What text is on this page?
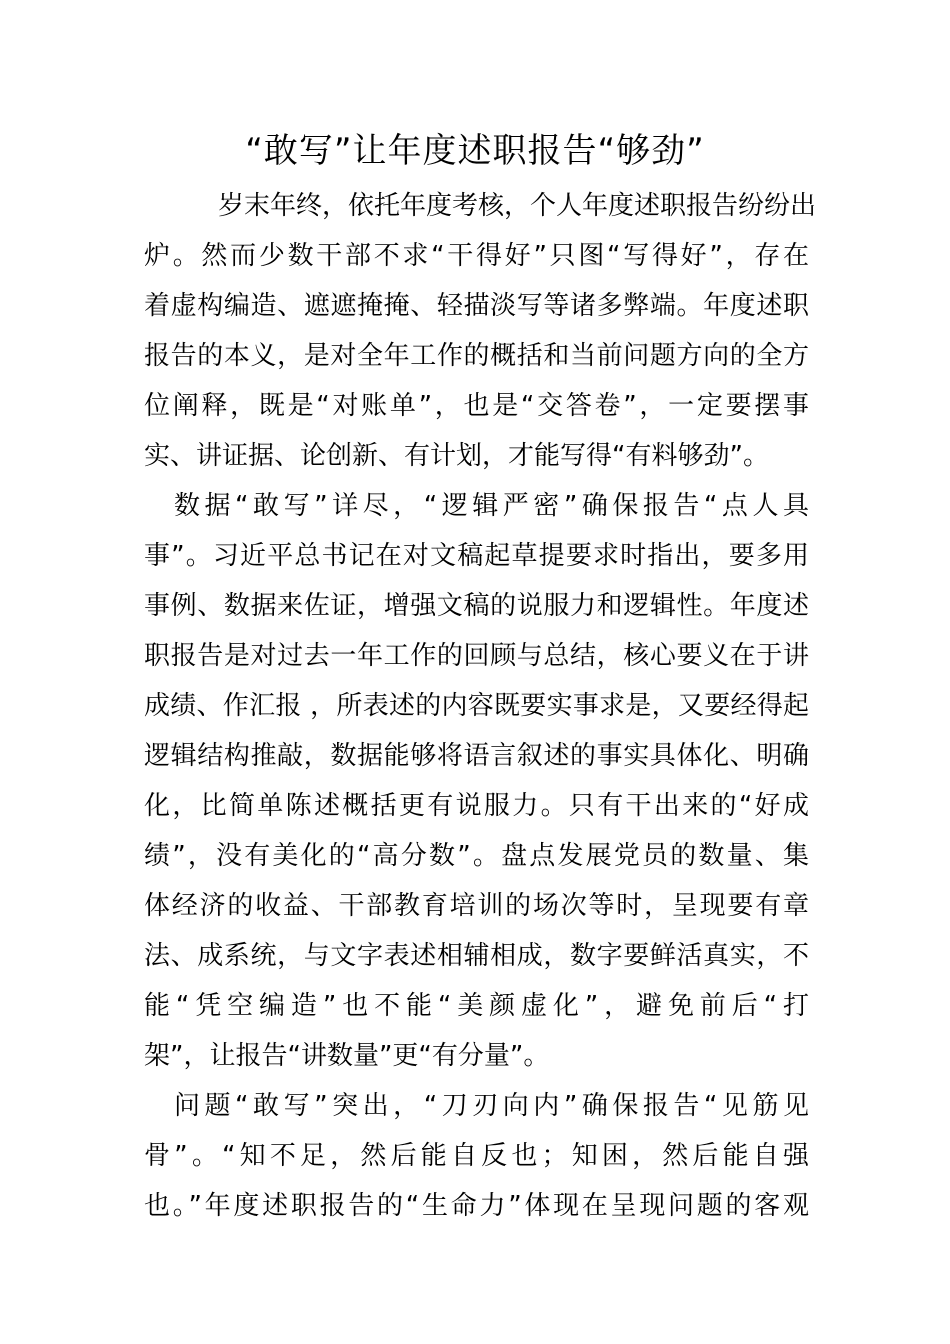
“敢写”让年度述职报告“够劲”
岁末年终，依托年度考核，个人年度述职报告纷纷出
炉。然而少数干部不求“干得好”只图“写得好”，存在
着虚构编造、遮遮掩掩、轻描淡写等诸多弊端。年度述职
报告的本义，是对全年工作的概括和当前问题方向的全方
位阐释，既是“对账单”，也是“交答卷”，一定要摆事
实、讲证据、论创新、有计划，才能写得“有料够劲”。
数据“敢写”详尽，“逻辑严密”确保报告“点人具
事”。习近平总书记在对文稿起草提要求时指出，要多用
事例、数据来佐证，增强文稿的说服力和逻辑性。年度述
职报告是对过去一年工作的回顾与总结，核心要义在于讲
成绩、作汇报 ，所表述的内容既要实事求是，又要经得起
逻辑结构推敲，数据能够将语言叙述的事实具体化、明确
化，比简单陈述概括更有说服力。只有干出来的“好成
绩”，没有美化的“高分数”。盘点发展党员的数量、集
体经济的收益、干部教育培训的场次等时，呈现要有章
法、成系统，与文字表述相辅相成，数字要鲜活真实，不
能“凭空编造”也不能“美颜虚化”，避免前后“打
架”，让报告“讲数量”更“有分量”。
问题“敢写”突出，“刀刃向内”确保报告“见筋见
骨”。“知不足，然后能自反也；知困，然后能自强
也。”年度述职报告的“生命力”体现在呈现问题的客观
